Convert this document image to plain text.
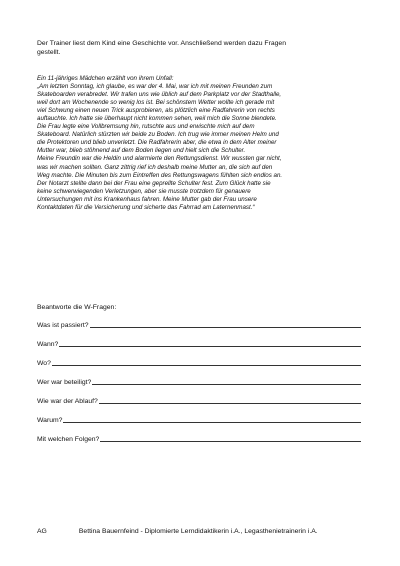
Der Trainer liest dem Kind eine Geschichte vor. Anschließend werden dazu Fragen
gestellt.

Ein 11-jähriges Mädchen erzählt von ihrem Unfall:

„Am letzten Sonntag, ich glaube, es war der 4. Mai, war ich mit meinen Freunden zum

Skateboarden verabredet. Wir trafen uns wie üblich auf dem Parkplatz vor der Stadthalle,

weil dort am Wochenende so wenig los ist. Bei schönstem Wetter wollte ich gerade mit

viel Schwung einen neuen Trick ausprobieren, als plötzlich eine Radfahrerin von rechts

auftauchte. Ich hatte sie überhaupt nicht kommen sehen, weil mich die Sonne blendete.

Die Frau legte eine Vollbremsung hin, rutschte aus und erwischte mich auf dem

Skateboard. Natürlich stürzten wir beide zu Boden. Ich trug wie immer meinen Helm und

die Protektoren und blieb unverletzt. Die Radfahrerin aber, die etwa in dem Alter meiner

Mutter war, blieb stöhnend auf dem Boden liegen und hielt sich die Schulter.

Meine Freundin war die Heldin und alarmierte den Rettungsdienst. Wir wussten gar nicht,

was wir machen sollten. Ganz zittrig rief ich deshalb meine Mutter an, die sich auf den

Weg machte. Die Minuten bis zum Eintreffen des Rettungswagens fühlten sich endlos an.

Der Notarzt stellte dann bei der Frau eine geprellte Schulter fest. Zum Glück hatte sie

keine schwerwiegenden Verletzungen, aber sie musste trotzdem für genauere

Untersuchungen mit ins Krankenhaus fahren. Meine Mutter gab der Frau unsere

Kontaktdaten für die Versicherung und sicherte das Fahrrad am Laternenmast.“

Beantworte die W-Fragen:
Was ist passiert?
Wann?
Wo?
Wer war beteiligt?
Wie war der Ablauf?
Warum?
Mit welchen Folgen?
AG	Bettina Bauernfeind - Diplomierte Lerndidaktikerin i.A., Legasthenietrainerin i.A.
